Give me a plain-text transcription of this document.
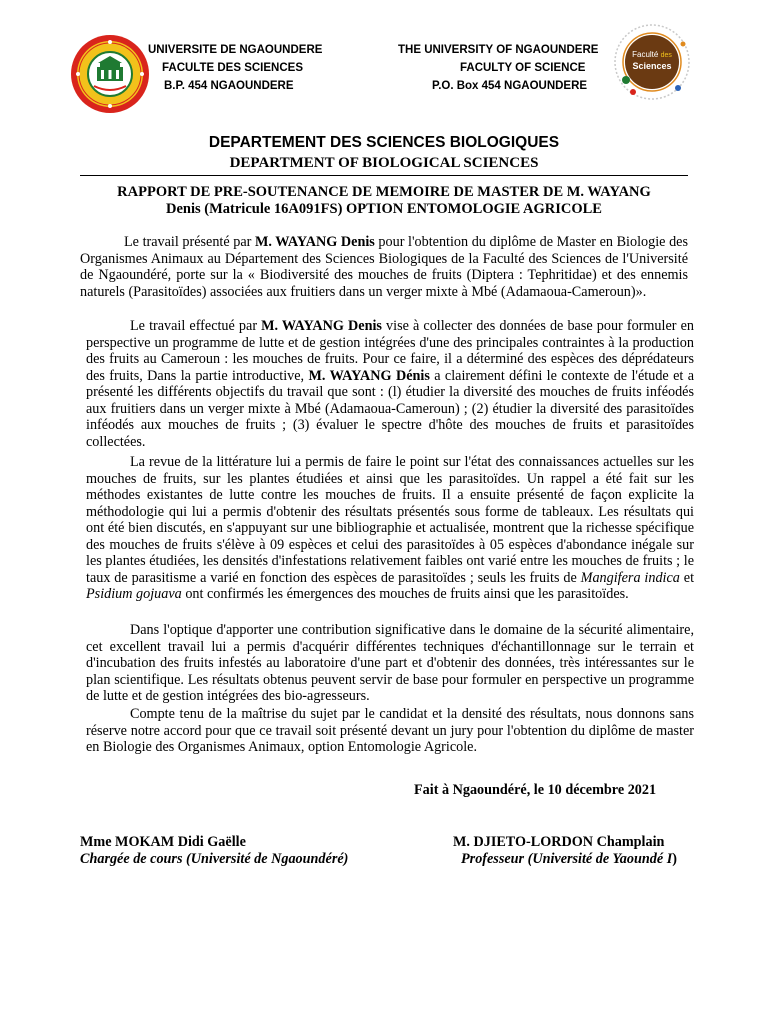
UNIVERSITE DE NGAOUNDERE
FACULTE DES SCIENCES
B.P. 454 NGAOUNDERE
THE UNIVERSITY OF NGAOUNDERE
FACULTY OF SCIENCE
P.O. Box 454 NGAOUNDERE
Faculté des
Sciences
DEPARTEMENT DES SCIENCES BIOLOGIQUES
DEPARTMENT OF BIOLOGICAL SCIENCES
RAPPORT DE PRE-SOUTENANCE DE MEMOIRE DE MASTER DE M. WAYANG
Denis (Matricule 16A091FS) OPTION ENTOMOLOGIE AGRICOLE
Le travail présenté par M. WAYANG Denis pour l'obtention du diplôme de Master en Biologie des Organismes Animaux au Département des Sciences Biologiques de la Faculté des Sciences de l'Université de Ngaoundéré, porte sur la « Biodiversité des mouches de fruits (Diptera : Tephritidae) et des ennemis naturels (Parasitoïdes) associées aux fruitiers dans un verger mixte à Mbé (Adamaoua-Cameroun)».
Le travail effectué par M. WAYANG Denis vise à collecter des données de base pour formuler en perspective un programme de lutte et de gestion intégrées d'une des principales contraintes à la production des fruits au Cameroun : les mouches de fruits. Pour ce faire, il a déterminé des espèces des déprédateurs des fruits, Dans la partie introductive, M. WAYANG Dénis a clairement défini le contexte de l'étude et a présenté les différents objectifs du travail que sont : (l) étudier la diversité des mouches de fruits inféodés aux fruitiers dans un verger mixte à Mbé (Adamaoua-Cameroun) ; (2) étudier la diversité des parasitoïdes inféodés aux mouches de fruits ; (3) évaluer le spectre d'hôte des mouches de fruits et parasitoïdes collectées.
La revue de la littérature lui a permis de faire le point sur l'état des connaissances actuelles sur les mouches de fruits, sur les plantes étudiées et ainsi que les parasitoïdes. Un rappel a été fait sur les méthodes existantes de lutte contre les mouches de fruits. Il a ensuite présenté de façon explicite la méthodologie qui lui a permis d'obtenir des résultats présentés sous forme de tableaux. Les résultats qui ont été bien discutés, en s'appuyant sur une bibliographie et actualisée, montrent que la richesse spécifique des mouches de fruits s'élève à 09 espèces et celui des parasitoïdes à 05 espèces d'abondance inégale sur les plantes étudiées, les densités d'infestations relativement faibles ont varié entre les mouches de fruits ; le taux de parasitisme a varié en fonction des espèces de parasitoïdes ; seuls les fruits de Mangifera indica et Psidium gojuava ont confirmés les émergences des mouches de fruits ainsi que les parasitoïdes.
Dans l'optique d'apporter une contribution significative dans le domaine de la sécurité alimentaire, cet excellent travail lui a permis d'acquérir différentes techniques d'échantillonnage sur le terrain et d'incubation des fruits infestés au laboratoire d'une part et d'obtenir des données, très intéressantes sur le plan scientifique. Les résultats obtenus peuvent servir de base pour formuler en perspective un programme de lutte et de gestion intégrées des bio-agresseurs.
Compte tenu de la maîtrise du sujet par le candidat et la densité des résultats, nous donnons sans réserve notre accord pour que ce travail soit présenté devant un jury pour l'obtention du diplôme de master en Biologie des Organismes Animaux, option Entomologie Agricole.
Fait à Ngaoundéré, le 10 décembre 2021
Mme MOKAM Didi Gaëlle
Chargée de cours (Université de Ngaoundéré)
M. DJIETO-LORDON Champlain
Professeur (Université de Yaoundé I)
